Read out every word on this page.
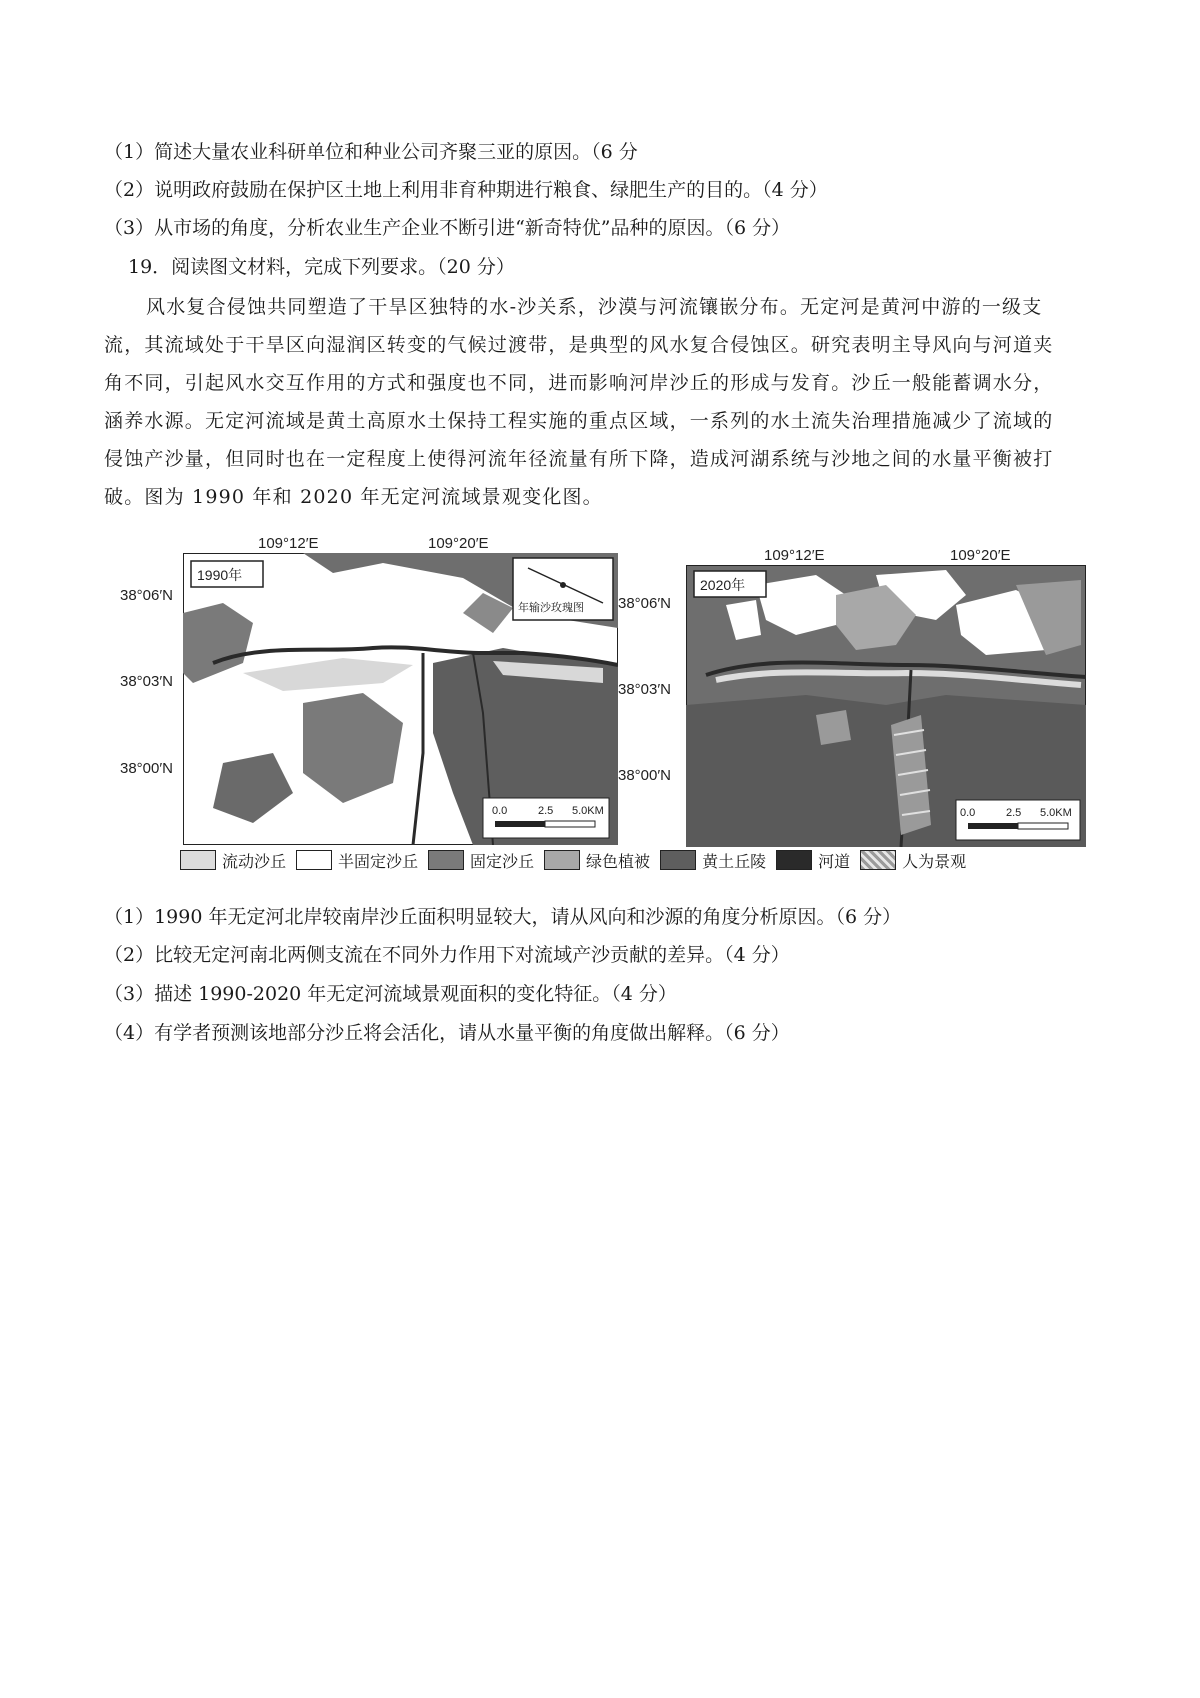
（1）简述大量农业科研单位和种业公司齐聚三亚的原因。（6 分
（2）说明政府鼓励在保护区土地上利用非育种期进行粮食、绿肥生产的目的。（4 分）
（3）从市场的角度，分析农业生产企业不断引进“新奇特优”品种的原因。（6 分）
19．阅读图文材料，完成下列要求。（20 分）
风水复合侵蚀共同塑造了干旱区独特的水-沙关系，沙漠与河流镶嵌分布。无定河是黄河中游的一级支
流，其流域处于干旱区向湿润区转变的气候过渡带，是典型的风水复合侵蚀区。研究表明主导风向与河道夹
角不同，引起风水交互作用的方式和强度也不同，进而影响河岸沙丘的形成与发育。沙丘一般能蓄调水分，
涵养水源。无定河流域是黄土高原水土保持工程实施的重点区域，一系列的水土流失治理措施减少了流域的
侵蚀产沙量，但同时也在一定程度上使得河流年径流量有所下降，造成河湖系统与沙地之间的水量平衡被打
破。图为 1990 年和 2020 年无定河流域景观变化图。
109°12′E	109°20′E
38°06′N
38°03′N
38°00′N
1990年
年输沙玫瑰图
0.0	2.5 5.0KM
109°12′E	109°20′E
38°06′N
38°03′N
38°00′N
2020年
0.0	2.5 5.0KM
流动沙丘	半固定沙丘	固定沙丘	绿色植被	黄土丘陵	河道	人为景观
（1）1990 年无定河北岸较南岸沙丘面积明显较大，请从风向和沙源的角度分析原因。（6 分）
（2）比较无定河南北两侧支流在不同外力作用下对流域产沙贡献的差异。（4 分）
（3）描述 1990-2020 年无定河流域景观面积的变化特征。（4 分）
（4）有学者预测该地部分沙丘将会活化，请从水量平衡的角度做出解释。（6 分）
